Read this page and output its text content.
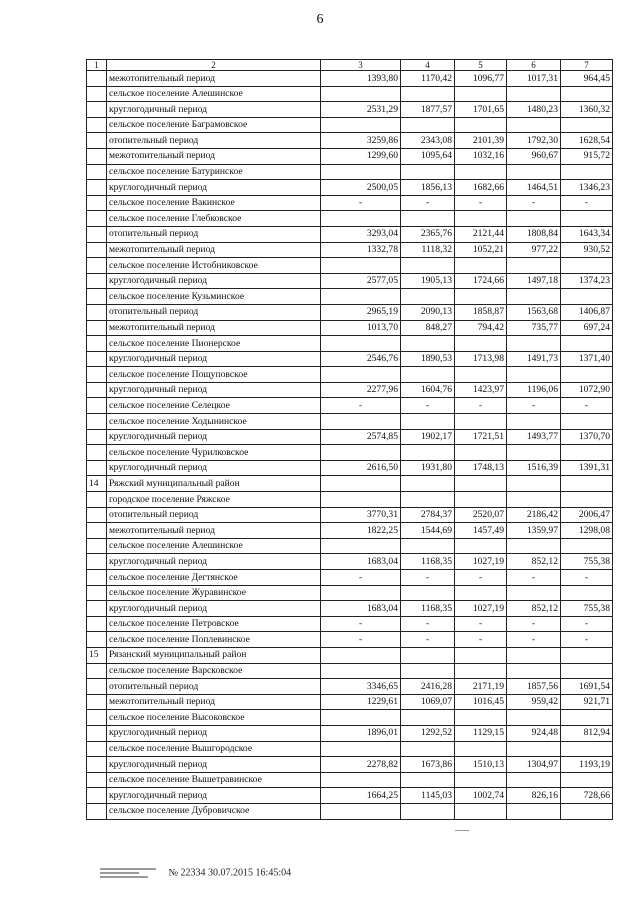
6
1	2	3	4	5	6	7
	межотопительный период	1393,80	1170,42	1096,77	1017,31	964,45
	сельское поселение Алешинское					
	круглогодичный период	2531,29	1877,57	1701,65	1480,23	1360,32
	сельское поселение Баграмовское					
	отопительный период	3259,86	2343,08	2101,39	1792,30	1628,54
	межотопительный период	1299,60	1095,64	1032,16	960,67	915,72
	сельское поселение Батуринское					
	круглогодичный период	2500,05	1856,13	1682,66	1464,51	1346,23
	сельское поселение Вакинское	-	-	-	-	-
	сельское поселение Глебковское					
	отопительный период	3293,04	2365,76	2121,44	1808,84	1643,34
	межотопительный период	1332,78	1118,32	1052,21	977,22	930,52
	сельское поселение Истобниковское					
	круглогодичный период	2577,05	1905,13	1724,66	1497,18	1374,23
	сельское поселение Кузьминское					
	отопительный период	2965,19	2090,13	1858,87	1563,68	1406,87
	межотопительный период	1013,70	848,27	794,42	735,77	697,24
	сельское поселение Пионерское					
	круглогодичный период	2546,76	1890,53	1713,98	1491,73	1371,40
	сельское поселение Пощуповское					
	круглогодичный период	2277,96	1604,76	1423,97	1196,06	1072,90
	сельское поселение Селецкое	-	-	-	-	-
	сельское поселение Ходынинское					
	круглогодичный период	2574,85	1902,17	1721,51	1493,77	1370,70
	сельское поселение Чурилковское					
	круглогодичный период	2616,50	1931,80	1748,13	1516,39	1391,31
14	Ряжский муниципальный район					
	городское поселение Ряжское					
	отопительный период	3770,31	2784,37	2520,07	2186,42	2006,47
	межотопительный период	1822,25	1544,69	1457,49	1359,97	1298,08
	сельское поселение Алешинское					
	круглогодичный период	1683,04	1168,35	1027,19	852,12	755,38
	сельское поселение Дегтянское	-	-	-	-	-
	сельское поселение Журавинское					
	круглогодичный период	1683,04	1168,35	1027,19	852,12	755,38
	сельское поселение Петровское	-	-	-	-	-
	сельское поселение Поплевинское	-	-	-	-	-
15	Рязанский муниципальный район					
	сельское поселение Варсковское					
	отопительный период	3346,65	2416,28	2171,19	1857,56	1691,54
	межотопительный период	1229,61	1069,07	1016,45	959,42	921,71
	сельское поселение Высоковское					
	круглогодичный период	1896,01	1292,52	1129,15	924,48	812,94
	сельское поселение Вышгородское					
	круглогодичный период	2278,82	1673,86	1510,13	1304,97	1193,19
	сельское поселение Вышетравинское					
	круглогодичный период	1664,25	1145,03	1002,74	826,16	728,66
	сельское поселение Дубровичское					
№ 22334 30.07.2015 16:45:04
